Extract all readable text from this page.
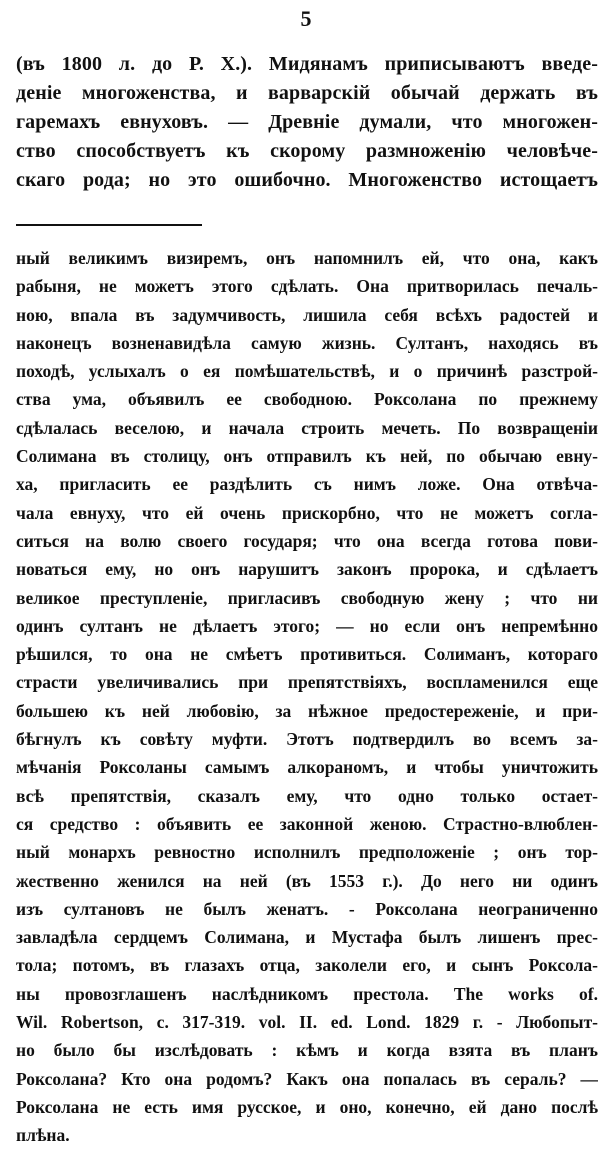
5
(въ 1800 л. до Р. Х.). Мидянамъ приписываютъ введе-
деніе многоженства, и варварскій обычай держать въ
гаремахъ евнуховъ. — Древніе думали, что многожен-
ство способствуетъ къ скорому размноженію человѣче-
скаго рода; но это ошибочно. Многоженство истощаетъ
ный великимъ визиремъ, онъ напомнилъ ей, что она, какъ
рабыня, не можетъ этого сдѣлать. Она притворилась печаль-
ною, впала въ задумчивость, лишила себя всѣхъ радостей и
наконецъ возненавидѣла самую жизнь. Султанъ, находясь въ
походѣ, услыхалъ о ея помѣшательствѣ, и о причинѣ разстрой-
ства ума, объявилъ ее свободною. Роксолана по прежнему
сдѣлалась веселою, и начала строить мечеть. По возвращеніи
Солимана въ столицу, онъ отправилъ къ ней, по обычаю евну-
ха, пригласить ее раздѣлить съ нимъ ложе. Она отвѣча-
чала евнуху, что ей очень прискорбно, что не можетъ согла-
ситься на волю своего государя; что она всегда готова пови-
новаться ему, но онъ нарушитъ законъ пророка, и сдѣлаетъ
великое преступленіе, пригласивъ свободную жену ; что ни
одинъ султанъ не дѣлаетъ этого; — но если онъ непремѣнно
рѣшился, то она не смѣетъ противиться. Солиманъ, котораго
страсти увеличивались при препятствіяхъ, воспламенился еще
большею къ ней любовію, за нѣжное предостереженіе, и при-
бѣгнулъ къ совѣту муфти. Этотъ подтвердилъ во всемъ за-
мѣчанія Роксоланы самымъ алкораномъ, и чтобы уничтожить
всѣ препятствія, сказалъ ему, что одно только остает-
ся средство : объявить ее законной женою. Страстно-влюблен-
ный монархъ ревностно исполнилъ предположеніе ; онъ тор-
жественно женился на ней (въ 1553 г.). До него ни одинъ
изъ султановъ не былъ женатъ. - Роксолана неограниченно
завладѣла сердцемъ Солимана, и Мустафа былъ лишенъ прес-
тола; потомъ, въ глазахъ отца, заколели его, и сынъ Роксола-
ны провозглашенъ наслѣдникомъ престола. The works of.
Wil. Robertson, с. 317-319. vol. II. ed. Lond. 1829 г. - Любопыт-
но было бы изслѣдовать : кѣмъ и когда взята въ планъ
Роксолана? Кто она родомъ? Какъ она попалась въ сераль? —
Роксолана не есть имя русское, и оно, конечно, ей дано послѣ
плѣна.
